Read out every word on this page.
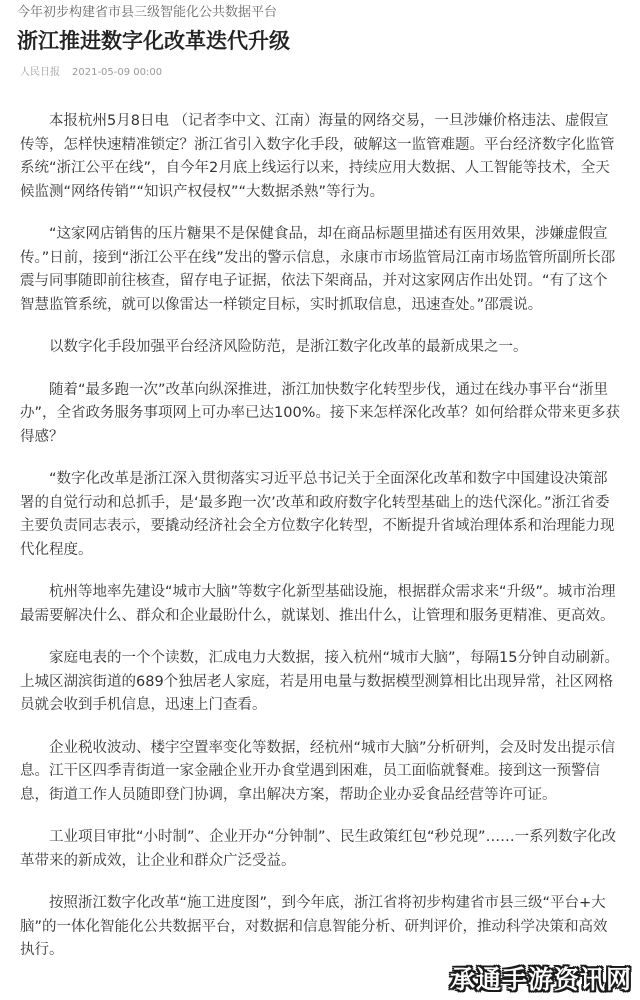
今年初步构建省市县三级智能化公共数据平台
浙江推进数字化改革迭代升级
人民日报 2021-05-09 00:00

本报杭州5月8日电 （记者李中文、江南）海量的网络交易，一旦涉嫌价格违法、虚假宣传等，怎样快速精准锁定？浙江省引入数字化手段，破解这一监管难题。平台经济数字化监管系统“浙江公平在线”，自今年2月底上线运行以来，持续应用大数据、人工智能等技术，全天候监测“网络传销”“知识产权侵权”“大数据杀熟”等行为。

“这家网店销售的压片糖果不是保健食品，却在商品标题里描述有医用效果，涉嫌虚假宣传。”日前，接到“浙江公平在线”发出的警示信息，永康市市场监管局江南市场监管所副所长邵震与同事随即前往核查，留存电子证据，依法下架商品，并对这家网店作出处罚。“有了这个智慧监管系统，就可以像雷达一样锁定目标，实时抓取信息，迅速查处。”邵震说。

以数字化手段加强平台经济风险防范，是浙江数字化改革的最新成果之一。

随着“最多跑一次”改革向纵深推进，浙江加快数字化转型步伐，通过在线办事平台“浙里办”，全省政务服务事项网上可办率已达100%。接下来怎样深化改革？如何给群众带来更多获得感？

“数字化改革是浙江深入贯彻落实习近平总书记关于全面深化改革和数字中国建设决策部署的自觉行动和总抓手，是‘最多跑一次’改革和政府数字化转型基础上的迭代深化。”浙江省委主要负责同志表示，要撬动经济社会全方位数字化转型，不断提升省域治理体系和治理能力现代化程度。

杭州等地率先建设“城市大脑”等数字化新型基础设施，根据群众需求来“升级”。城市治理最需要解决什么、群众和企业最盼什么，就谋划、推出什么，让管理和服务更精准、更高效。

家庭电表的一个个读数，汇成电力大数据，接入杭州“城市大脑”，每隔15分钟自动刷新。上城区湖滨街道的689个独居老人家庭，若是用电量与数据模型测算相比出现异常，社区网格员就会收到手机信息，迅速上门查看。

企业税收波动、楼宇空置率变化等数据，经杭州“城市大脑”分析研判，会及时发出提示信息。江干区四季青街道一家金融企业开办食堂遇到困难，员工面临就餐难。接到这一预警信息，街道工作人员随即登门协调，拿出解决方案，帮助企业办妥食品经营等许可证。

工业项目审批“小时制”、企业开办“分钟制”、民生政策红包“秒兑现”……一系列数字化改革带来的新成效，让企业和群众广泛受益。

按照浙江数字化改革“施工进度图”，到今年底，浙江省将初步构建省市县三级“平台+大脑”的一体化智能化公共数据平台，对数据和信息智能分析、研判评价，推动科学决策和高效执行。

承通手游资讯网
